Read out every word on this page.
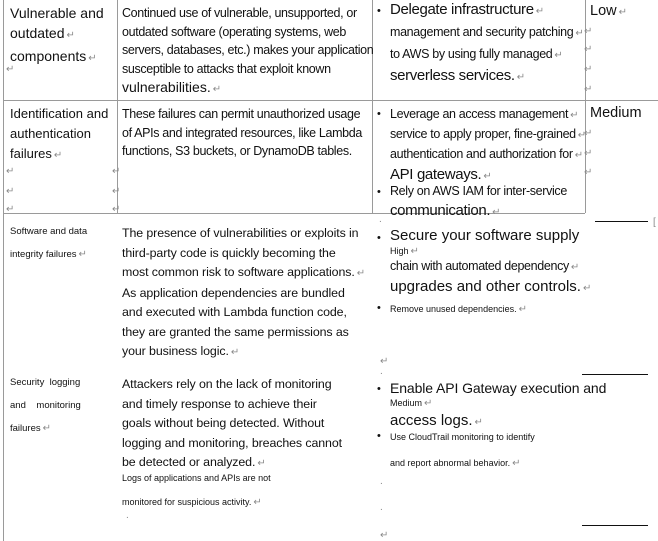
Vulnerable and
outdated ↵
components ↵
↵
Continued use of vulnerable, unsupported, or
outdated software (operating systems, web
servers, databases, etc.) makes your application
susceptible to attacks that exploit known
vulnerabilities. ↵
• Delegate infrastructure ↵
management and security patching ↵
to AWS by using fully managed ↵
serverless services. ↵
Low ↵
↵
↵
↵
↵
Identification and
authentication
failures ↵
↵
↵
↵
↵
↵
↵
These failures can permit unauthorized usage
of APIs and integrated resources, like Lambda
functions, S3 buckets, or DynamoDB tables.
• Leverage an access management ↵
service to apply proper, fine-grained ↵
authentication and authorization for ↵
API gateways. ↵
• Rely on AWS IAM for inter-service
communication. ↵
Medium
↵
↵
↵
Software and data
integrity failures ↵
The presence of vulnerabilities or exploits in
third-party code is quickly becoming the
most common risk to software applications. ↵
As application dependencies are bundled
and executed with Lambda function code,
they are granted the same permissions as
your business logic. ↵
.
• Secure your software supply
High ↵
chain with automated dependency ↵
upgrades and other controls. ↵
• Remove unused dependencies. ↵
↵
[
Security  logging
and    monitoring
failures ↵
Attackers rely on the lack of monitoring
and timely response to achieve their
goals without being detected. Without
logging and monitoring, breaches cannot
be detected or analyzed. ↵
Logs of applications and APIs are not
monitored for suspicious activity. ↵
.
.
• Enable API Gateway execution and
Medium ↵
access logs. ↵
• Use CloudTrail monitoring to identify
and report abnormal behavior. ↵
.
.
↵
